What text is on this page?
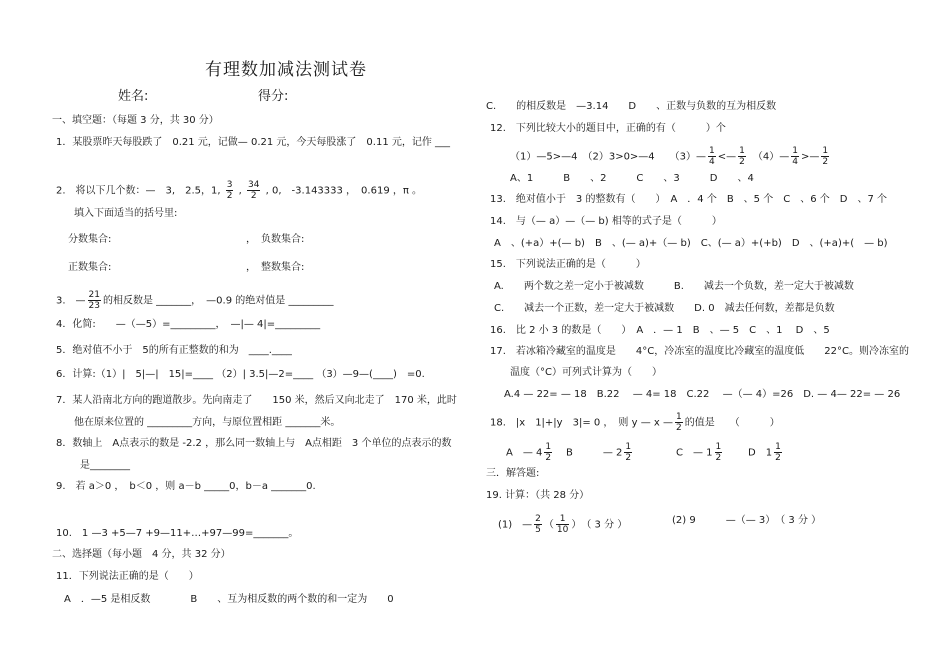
有理数加减法测试卷
姓名:	得分:
一、填空题：（每题 3 分，共 30 分）
1．某股票昨天每股跌了　0.21 元，记做— 0.21 元，今天每股涨了　0.11 元，记作 ___
2.　将以下几个数：—　3,　2.5，1, $\frac{3}{2}$ , $\frac{34}{2}$ , 0,　-3.143333 ，　0.619 ，π 。
填入下面适当的括号里:
分数集合:	，　负数集合:
正数集合:	，　整数集合:
3.　— $\frac{21}{23}$ 的相反数是 _______，　—0.9 的绝对值是 _________
4．化简:　　—（—5）=_________，　—|— 4|=_________
5．绝对值不小于　5的所有正整数的和为　____.____
6．计算:（1）|　5|—|　15|=____ （2）| 3.5|—2=____ （3）—9—(____)　=0.
7．某人沿南北方向的跑道散步。先向南走了　　150 米，然后又向北走了　170 米，此时
他在原来位置的 _________方向，与原位置相距 _______米。
8．数轴上　A点表示的数是 -2.2 ，那么同一数轴上与　A点相距　3 个单位的点表示的数
是________
9.　若 a＞0 ，　b＜0 ，则 a－b _____0，b－a _______0.
10.　1 —3 +5—7 +9—11+…+97—99=_______。
二、选择题（每小题　4 分，共 32 分）
11．下列说法正确的是（　　）
A　．—5 是相反数　　　　B　　、互为相反数的两个数的和一定为　　0
C.　　的相反数是　—3.14　　D　　、正数与负数的互为相反数
12.　下列比较大小的题目中，正确的有（　　　）个
（1）—5>—4　（2）3>0>—4　　（3）— $\frac{1}{4}$ <— $\frac{1}{2}$ 　（4）— $\frac{1}{4}$ >— $\frac{1}{2}$
A、1　　　B　　、2　　　C　　、3　　　D　　、4
13.　绝对值小于　3 的整数有（　　）　A　．4 个　B　、5 个　C　、6 个　D　、7 个
14.　与（— a）—（— b) 相等的式子是（　　　）
A　、(+a）+(— b)　B　、(— a)+（— b)　C、(— a）+(+b)　D　、(+a)+(　— b)
15.　下列说法正确的是（　　　）
A.　　两个数之差一定小于被减数　　　B.　　减去一个负数，差一定大于被减数
C.　　减去一个正数，差一定大于被减数　　D. 0　减去任何数，差都是负数
16.　比 2 小 3 的数是（　　）　A　．— 1　B　、— 5　C　、1　 D　、5
17.　若冰箱冷藏室的温度是　　4°C，冷冻室的温度比冷藏室的温度低　　22°C。则冷冻室的
温度（°C）可列式计算为（　　）
A.4 — 22= — 18　B.22 　— 4= 18　C.22 　—（— 4）=26　D. — 4— 22= — 26
18.　|x　1|+|y　3|= 0 ，　则 y — x — $\frac{1}{2}$ 的值是　　（　　　）
A　— $4 \frac{1}{2}$ B　　　— $2 \frac{1}{2}$	C　— $1 \frac{1}{2}$	D　$1 \frac{1}{2}$
三．解答题:
19. 计算：（共 28 分）
(1)　— $\frac{2}{5}$ （ $\frac{1}{10}$ ）　（ 3 分 ）	(2) 9　　　—（— 3）　（ 3 分 ）
